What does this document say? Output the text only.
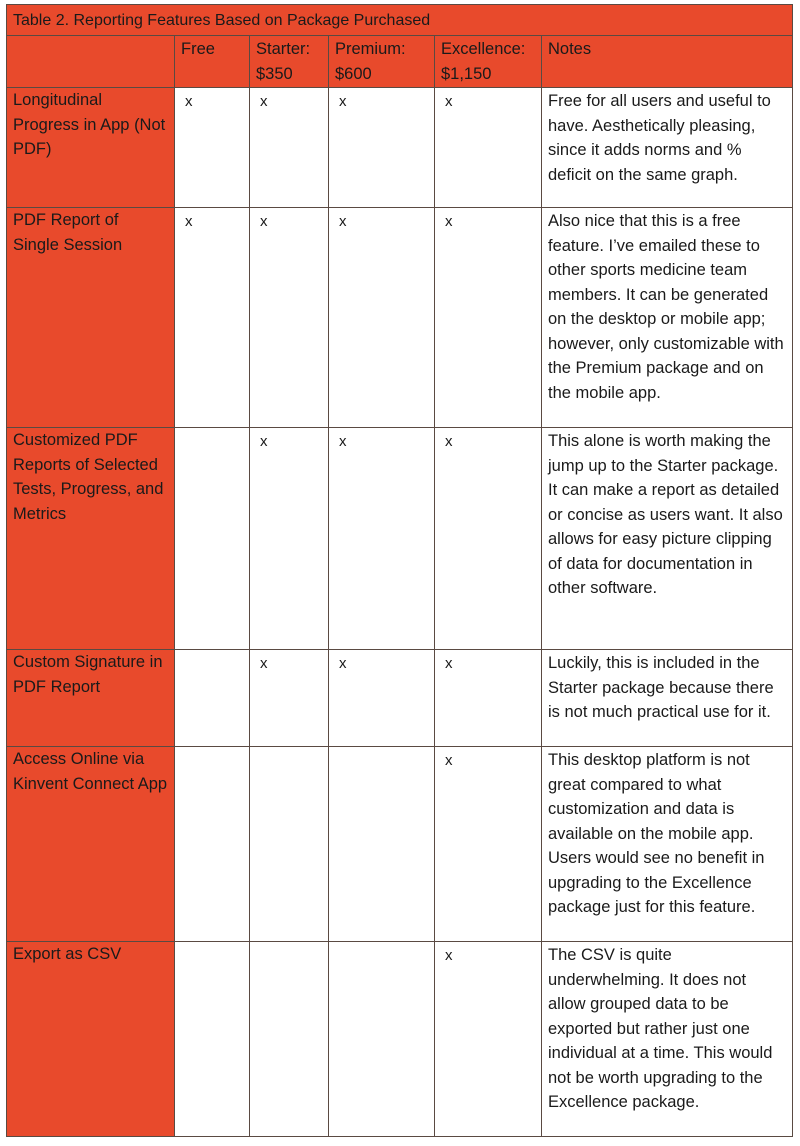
Table 2. Reporting Features Based on Package Purchased					
	Free	Starter: $350	Premium: $600	Excellence: $1,150	Notes
Longitudinal Progress in App (Not PDF)	x	x	x	x	Free for all users and useful to have. Aesthetically pleasing, since it adds norms and % deficit on the same graph.
PDF Report of Single Session	x	x	x	x	Also nice that this is a free feature. I’ve emailed these to other sports medicine team members. It can be generated on the desktop or mobile app; however, only customizable with the Premium package and on the mobile app.
Customized PDF Reports of Selected Tests, Progress, and Metrics		x	x	x	This alone is worth making the jump up to the Starter package. It can make a report as detailed or concise as users want. It also allows for easy picture clipping of data for documentation in other software.
Custom Signature in PDF Report		x	x	x	Luckily, this is included in the Starter package because there is not much practical use for it.
Access Online via Kinvent Connect App				x	This desktop platform is not great compared to what customization and data is available on the mobile app. Users would see no benefit in upgrading to the Excellence package just for this feature.
Export as CSV				x	The CSV is quite underwhelming. It does not allow grouped data to be exported but rather just one individual at a time. This would not be worth upgrading to the Excellence package.
